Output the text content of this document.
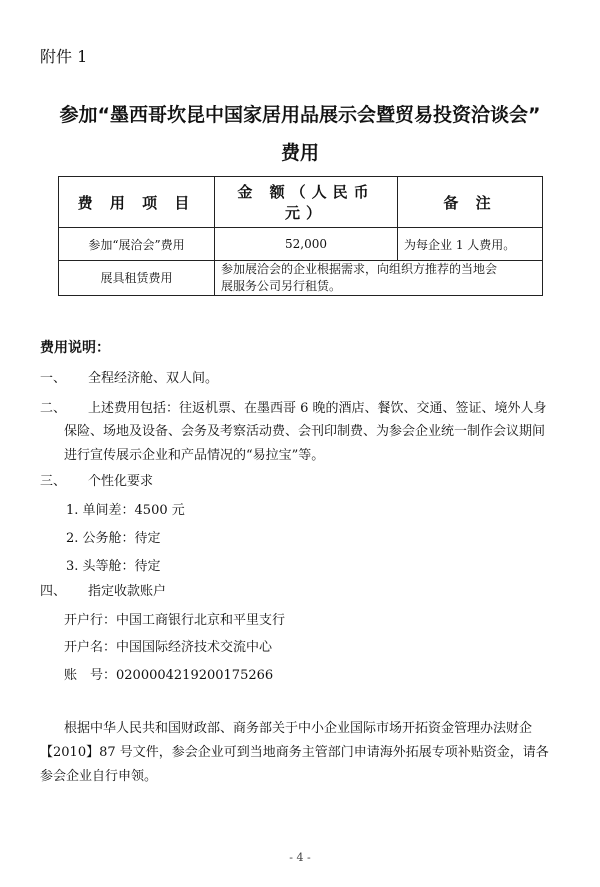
附件 1
参加“墨西哥坎昆中国家居用品展示会暨贸易投资洽谈会”
费用
费 用 项 目	金 额（人民币元）	备 注
参加“展洽会”费用	52,000	为每企业 1 人费用。
展具租赁费用	参加展洽会的企业根据需求，向组织方推荐的当地会
展服务公司另行租赁。	
费用说明：
一、 全程经济舱、双人间。
二、 上述费用包括：往返机票、在墨西哥 6 晚的酒店、餐饮、交通、签证、境外人身
保险、场地及设备、会务及考察活动费、会刊印制费、为参会企业统一制作会议期间
进行宣传展示企业和产品情况的“易拉宝”等。
三、 个性化要求
1. 单间差：4500 元
2. 公务舱：待定
3. 头等舱：待定
四、 指定收款账户
开户行：中国工商银行北京和平里支行
开户名：中国国际经济技术交流中心
账　号：0200004219200175266
根据中华人民共和国财政部、商务部关于中小企业国际市场开拓资金管理办法财企
【2010】87 号文件，参会企业可到当地商务主管部门申请海外拓展专项补贴资金，请各
参会企业自行申领。
- 4 -
